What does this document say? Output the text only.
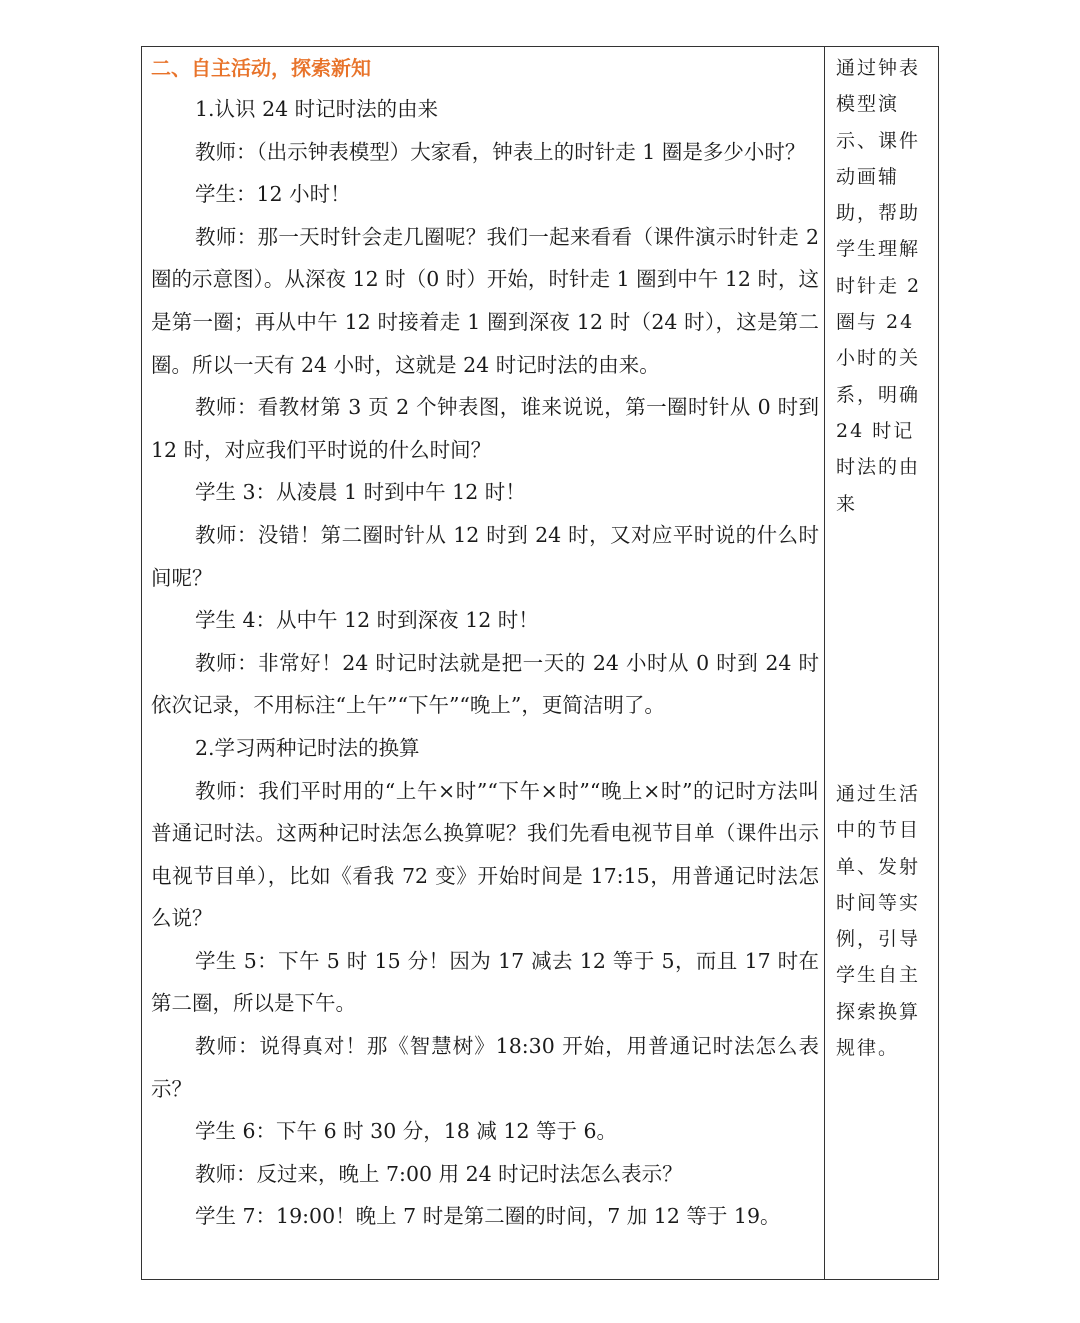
二、自主活动，探索新知

1.认识 24 时记时法的由来

教师：（出示钟表模型）大家看，钟表上的时针走 1 圈是多少小时？

学生：12 小时！

教师：那一天时针会走几圈呢？我们一起来看看（课件演示时针走 2 圈的示意图）。从深夜 12 时（0 时）开始，时针走 1 圈到中午 12 时，这是第一圈；再从中午 12 时接着走 1 圈到深夜 12 时（24 时），这是第二圈。所以一天有 24 小时，这就是 24 时记时法的由来。

教师：看教材第 3 页 2 个钟表图，谁来说说，第一圈时针从 0 时到 12 时，对应我们平时说的什么时间？

学生 3：从凌晨 1 时到中午 12 时！

教师：没错！第二圈时针从 12 时到 24 时，又对应平时说的什么时间呢？

学生 4：从中午 12 时到深夜 12 时！

教师：非常好！24 时记时法就是把一天的 24 小时从 0 时到 24 时依次记录，不用标注“上午”“下午”“晚上”，更简洁明了。

2.学习两种记时法的换算

教师：我们平时用的“上午×时”“下午×时”“晚上×时”的记时方法叫普通记时法。这两种记时法怎么换算呢？我们先看电视节目单（课件出示电视节目单），比如《看我 72 变》开始时间是 17:15，用普通记时法怎么说？

学生 5：下午 5 时 15 分！因为 17 减去 12 等于 5，而且 17 时在第二圈，所以是下午。

教师：说得真对！那《智慧树》18:30 开始，用普通记时法怎么表示？

学生 6：下午 6 时 30 分，18 减 12 等于 6。

教师：反过来，晚上 7:00 用 24 时记时法怎么表示？

学生 7：19:00！晚上 7 时是第二圈的时间，7 加 12 等于 19。

通过钟表模型演示、课件动画辅助，帮助学生理解时针走 2 圈与 24 小时的关系，明确 24 时记时法的由来
通过生活中的节目单、发射时间等实例，引导学生自主探索换算规律。
